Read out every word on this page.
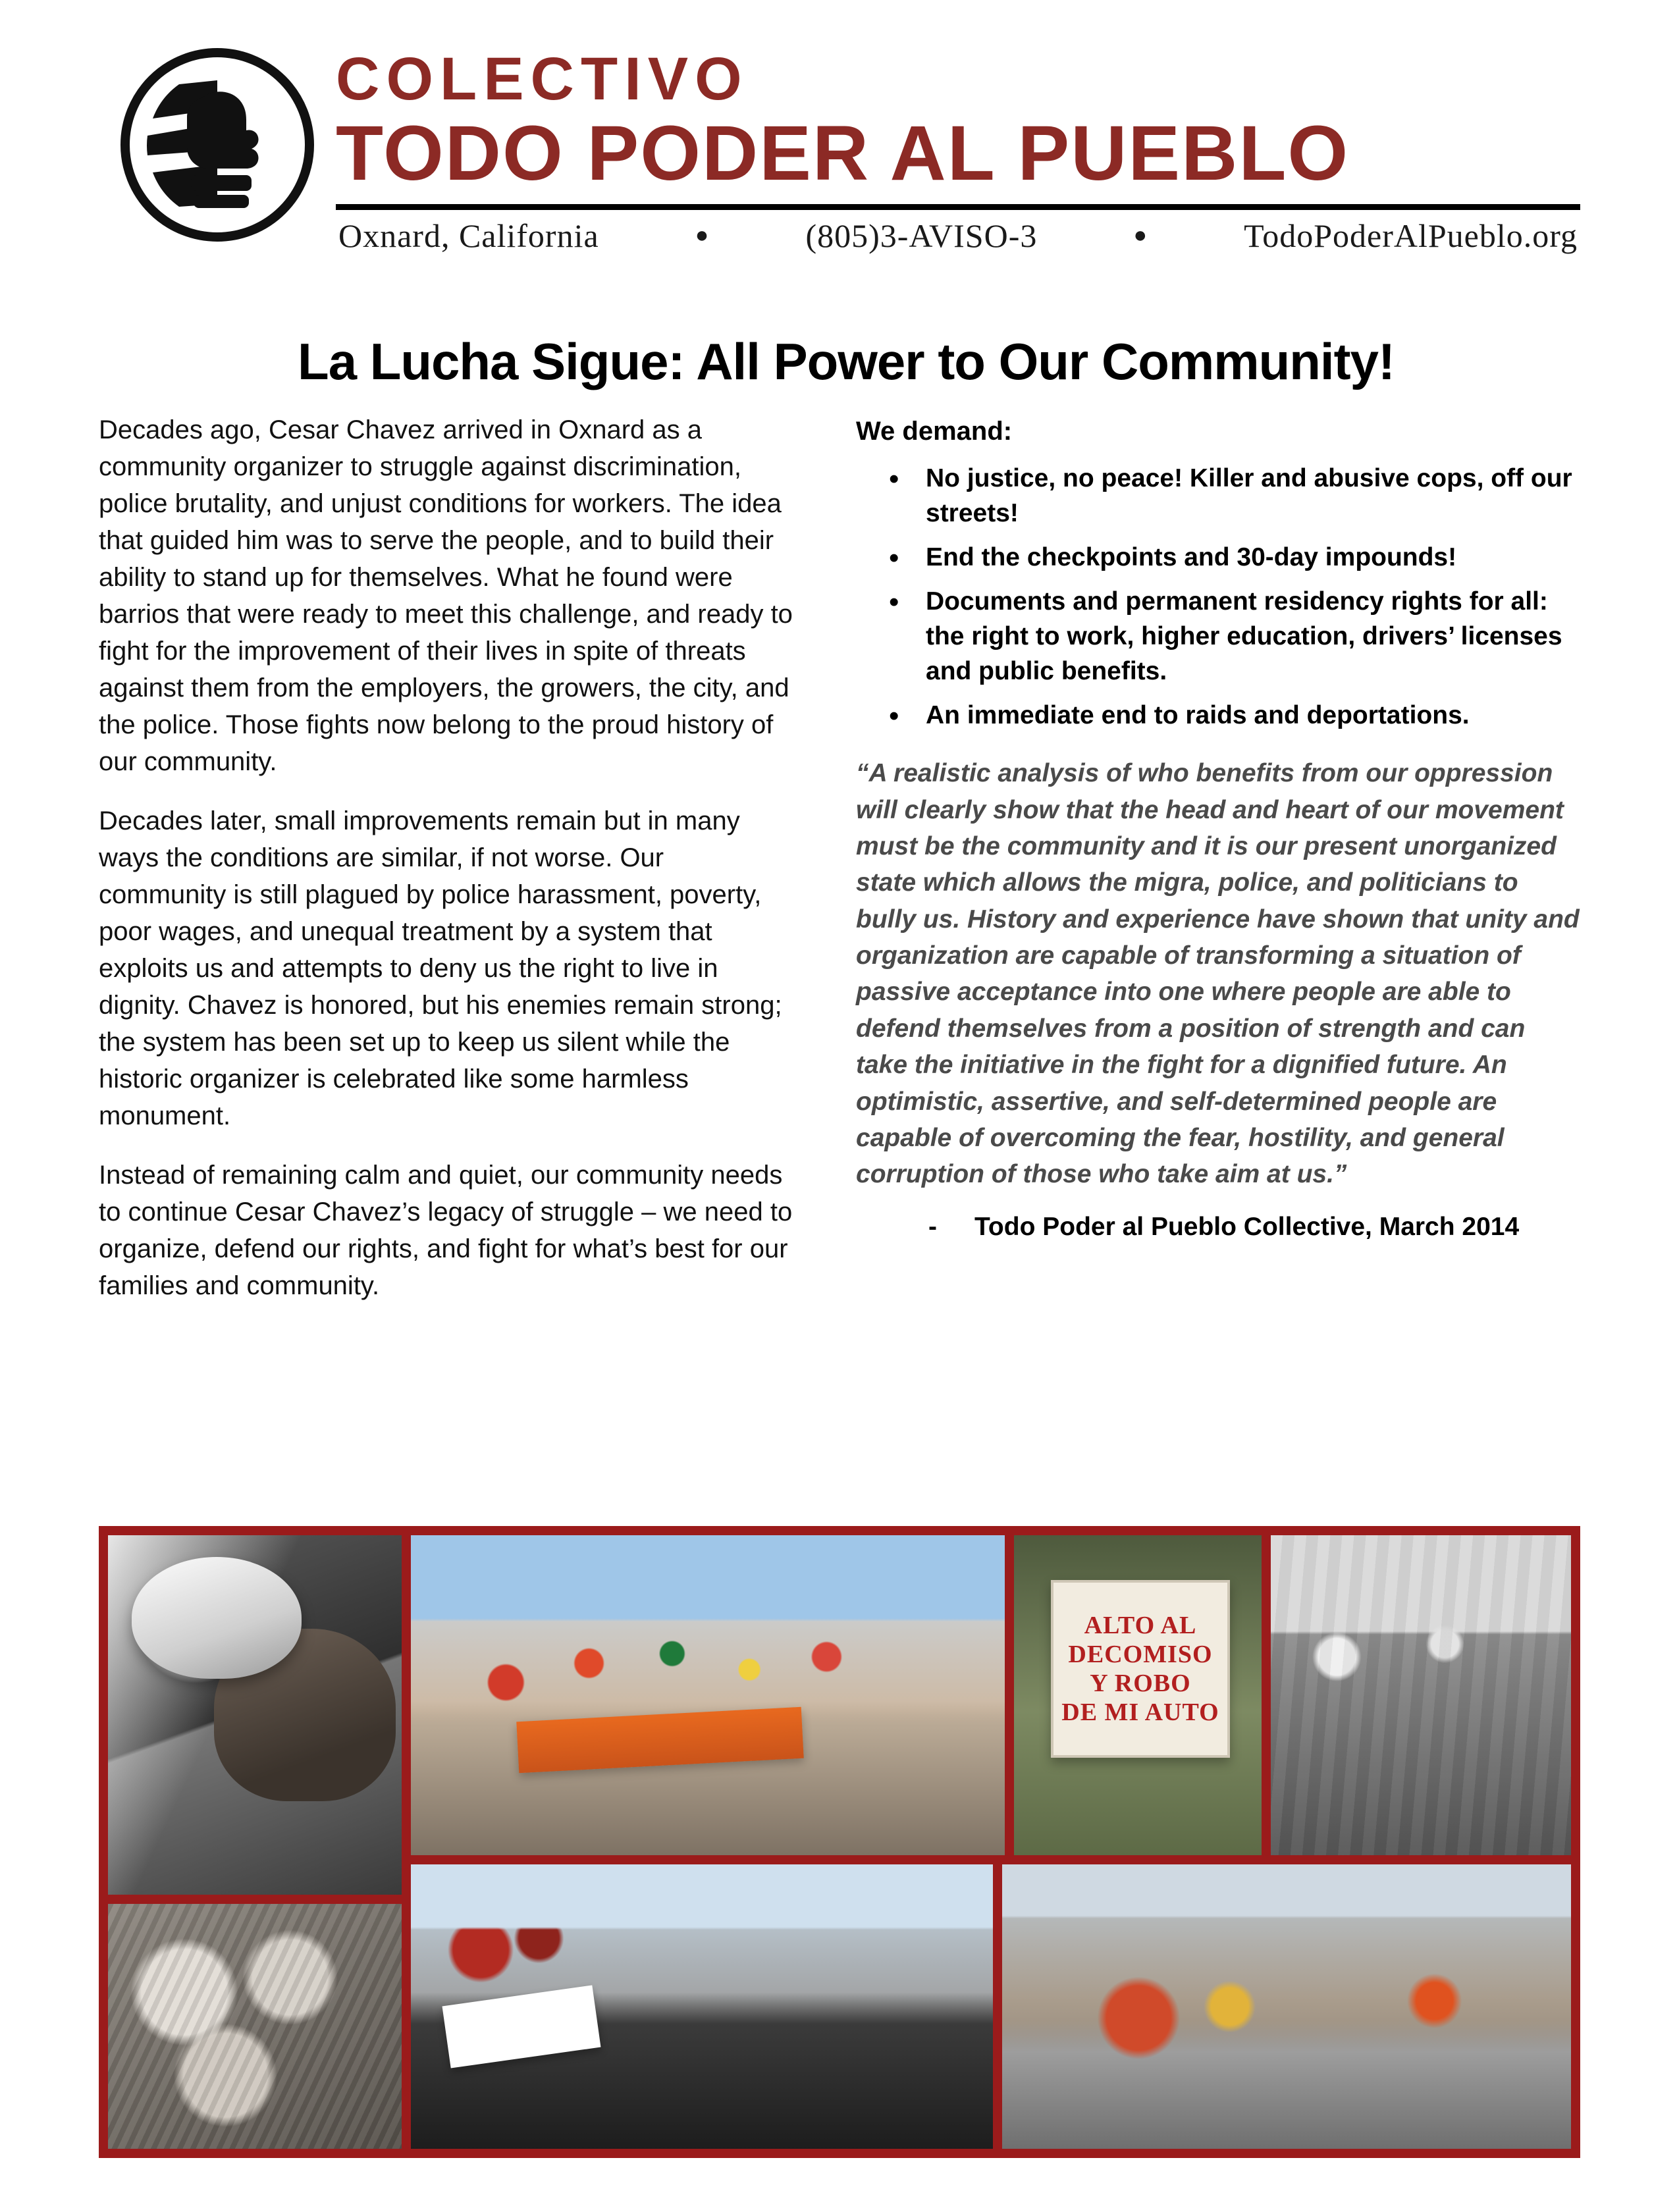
COLECTIVO
TODO PODER AL PUEBLO
Oxnard, California	●	(805)3-AVISO-3	●	TodoPoderAlPueblo.org
La Lucha Sigue: All Power to Our Community!

Decades ago, Cesar Chavez arrived in Oxnard as a community organizer to struggle against discrimination, police brutality, and unjust conditions for workers. The idea that guided him was to serve the people, and to build their ability to stand up for themselves. What he found were barrios that were ready to meet this challenge, and ready to fight for the improvement of their lives in spite of threats against them from the employers, the growers, the city, and the police. Those fights now belong to the proud history of our community.

Decades later, small improvements remain but in many ways the conditions are similar, if not worse. Our community is still plagued by police harassment, poverty, poor wages, and unequal treatment by a system that exploits us and attempts to deny us the right to live in dignity. Chavez is honored, but his enemies remain strong; the system has been set up to keep us silent while the historic organizer is celebrated like some harmless monument.

Instead of remaining calm and quiet, our community needs to continue Cesar Chavez’s legacy of struggle – we need to organize, defend our rights, and fight for what’s best for our families and community.

We demand:
• No justice, no peace! Killer and abusive cops, off our streets!
• End the checkpoints and 30-day impounds!
• Documents and permanent residency rights for all: the right to work, higher education, drivers’ licenses and public benefits.
• An immediate end to raids and deportations.
“A realistic analysis of who benefits from our oppression will clearly show that the head and heart of our movement must be the community and it is our present unorganized state which allows the migra, police, and politicians to bully us. History and experience have shown that unity and organization are capable of transforming a situation of passive acceptance into one where people are able to defend themselves from a position of strength and can take the initiative in the fight for a dignified future. An optimistic, assertive, and self-determined people are capable of overcoming the fear, hostility, and general corruption of those who take aim at us.”
-	Todo Poder al Pueblo Collective, March 2014
ALTO AL
DECOMISO
Y ROBO
DE MI AUTO
